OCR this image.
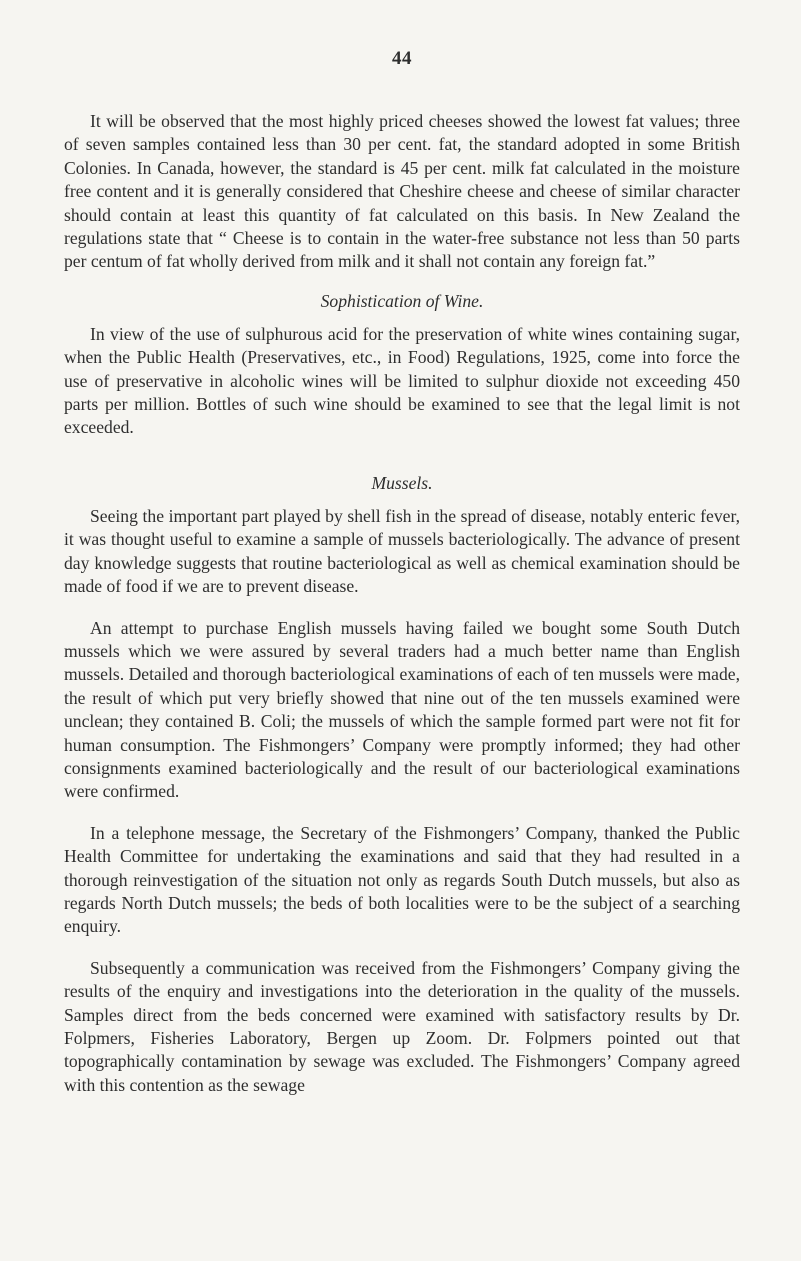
44

It will be observed that the most highly priced cheeses showed the lowest fat values; three of seven samples contained less than 30 per cent. fat, the standard adopted in some British Colonies. In Canada, however, the standard is 45 per cent. milk fat calculated in the moisture free content and it is generally considered that Cheshire cheese and cheese of similar character should contain at least this quantity of fat calculated on this basis. In New Zealand the regulations state that “ Cheese is to contain in the water-free substance not less than 50 parts per centum of fat wholly derived from milk and it shall not contain any foreign fat.”

Sophistication of Wine.

In view of the use of sulphurous acid for the preservation of white wines containing sugar, when the Public Health (Preservatives, etc., in Food) Regulations, 1925, come into force the use of preservative in alcoholic wines will be limited to sulphur dioxide not exceeding 450 parts per million. Bottles of such wine should be examined to see that the legal limit is not exceeded.

Mussels.

Seeing the important part played by shell fish in the spread of disease, notably enteric fever, it was thought useful to examine a sample of mussels bacteriologically. The advance of present day knowledge suggests that routine bacteriological as well as chemical examination should be made of food if we are to prevent disease.

An attempt to purchase English mussels having failed we bought some South Dutch mussels which we were assured by several traders had a much better name than English mussels. Detailed and thorough bacteriological examinations of each of ten mussels were made, the result of which put very briefly showed that nine out of the ten mussels examined were unclean; they contained B. Coli; the mussels of which the sample formed part were not fit for human consumption. The Fishmongers’ Company were promptly informed; they had other consignments examined bacteriologically and the result of our bacteriological examinations were confirmed.

In a telephone message, the Secretary of the Fishmongers’ Company, thanked the Public Health Committee for undertaking the examinations and said that they had resulted in a thorough reinvestigation of the situation not only as regards South Dutch mussels, but also as regards North Dutch mussels; the beds of both localities were to be the subject of a searching enquiry.

Subsequently a communication was received from the Fishmongers’ Company giving the results of the enquiry and investigations into the deterioration in the quality of the mussels. Samples direct from the beds concerned were examined with satisfactory results by Dr. Folpmers, Fisheries Laboratory, Bergen up Zoom. Dr. Folpmers pointed out that topographically contamination by sewage was excluded. The Fishmongers’ Company agreed with this contention as the sewage
